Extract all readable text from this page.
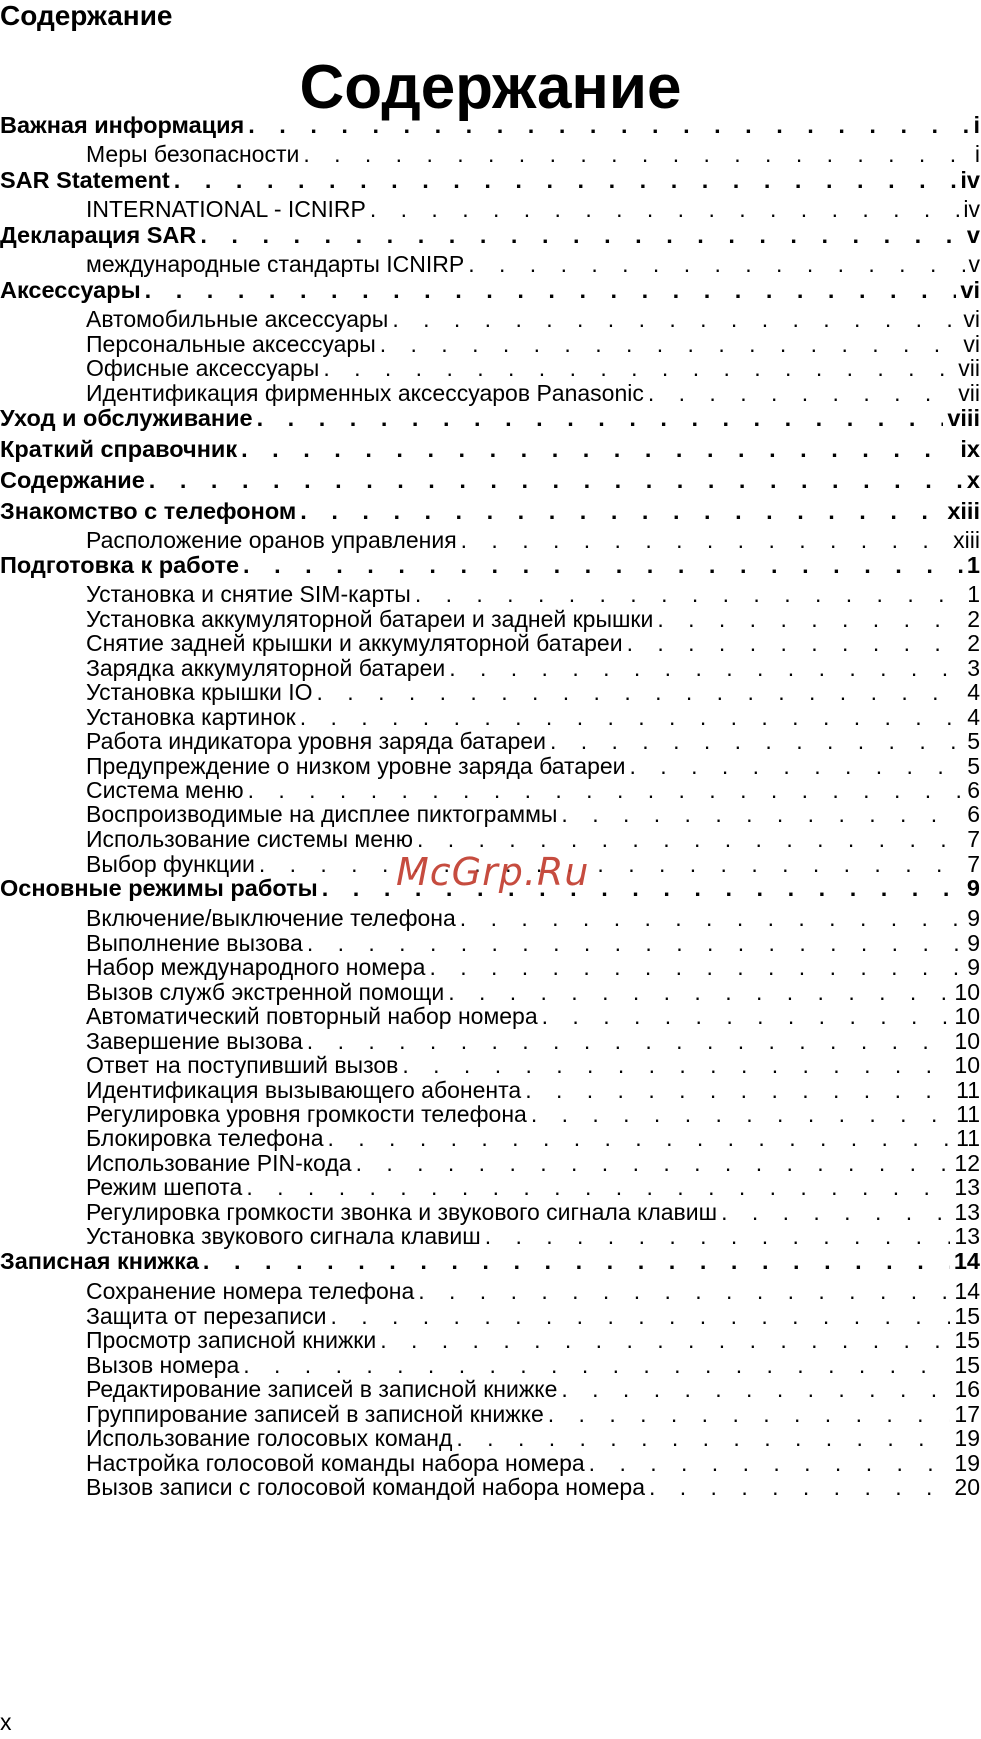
Содержание
Содержание
Важная информация . . .	i
Меры безопасности . . .	i
SAR Statement . . .	iv
INTERNATIONAL - ICNIRP . . .	iv
Декларация SAR . . .	v
международные стандарты ICNIRP . . .	v
Аксессуары . . .	vi
Автомобильные аксессуары . . .	vi
Персональные аксессуары . . .	vi
Офисные аксессуары . . .	vii
Идентификация фирменных аксессуаров Panasonic . . .	vii
Уход и обслуживание . . .	viii
Краткий справочник . . .	ix
Содержание . . .	x
Знакомство с телефоном . . .	xiii
Расположение оранов управления . . .	xiii
Подготовка к работе . . .	1
Установка и снятие SIM-карты . . .	1
Установка аккумуляторной батареи и задней крышки . . .	2
Снятие задней крышки и аккумуляторной батареи . . .	2
Зарядка аккумуляторной батареи . . .	3
Установка крышки IO . . .	4
Установка картинок . . .	4
Работа индикатора уровня заряда батареи . . .	5
Предупреждение о низком уровне заряда батареи . . .	5
Система меню . . .	6
Воспроизводимые на дисплее пиктограммы . . .	6
Использование системы меню . . .	7
Выбор функции . . .	7
Основные режимы работы . . .	9
Включение/выключение телефона . . .	9
Выполнение вызова . . .	9
Набор международного номера . . .	9
Вызов служб экстренной помощи . . .	10
Автоматический повторный набор номера . . .	10
Завершение вызова . . .	10
Ответ на поступивший вызов . . .	10
Идентификация вызывающего абонента . . .	11
Регулировка уровня громкости телефона . . .	11
Блокировка телефона . . .	11
Использование PIN-кода . . .	12
Режим шепота . . .	13
Регулировка громкости звонка и звукового сигнала клавиш . . .	13
Установка звукового сигнала клавиш . . .	13
Записная книжка . . .	14
Сохранение номера телефона . . .	14
Защита от перезаписи . . .	15
Просмотр записной книжки . . .	15
Вызов номера . . .	15
Редактирование записей в записной книжке . . .	16
Группирование записей в записной книжке . . .	17
Использование голосовых команд . . .	19
Настройка голосовой команды набора номера . . .	19
Вызов записи с голосовой командой набора номера . . .	20
McGrp.Ru
x
